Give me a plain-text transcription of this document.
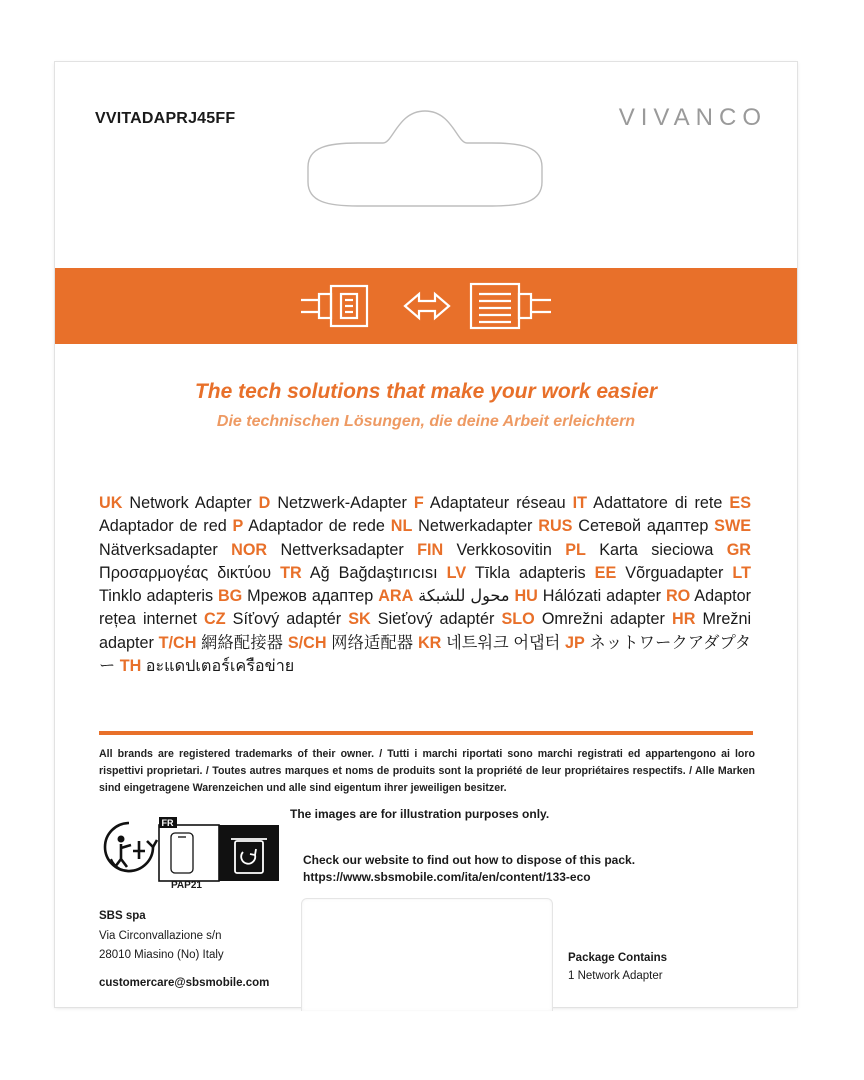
VVITADAPRJ45FF	VIVANCO
The tech solutions that make your work easier
Die technischen Lösungen, die deine Arbeit erleichtern
UK Network Adapter D Netzwerk-Adapter F Adaptateur réseau IT Adattatore di rete ES Adaptador de red P Adaptador de rede NL Netwerkadapter RUS Сетевой адаптер SWE Nätverksadapter NOR Nettverksadapter FIN Verkkosovitin PL Karta sieciowa GR Προσαρμογέας δικτύου TR Ağ Bağdaştırıcısı LV Tīkla adapteris EE Võrguadapter LT Tinklo adapteris BG Мрежов адаптер ARA محول للشبكة HU Hálózati adapter RO Adaptor rețea internet CZ Síťový adaptér SK Sieťový adaptér SLO Omrežni adapter HR Mrežni adapter T/CH 網絡配接器 S/CH 网络适配器 KR 네트워크 어댑터 JP ネットワークアダプター TH อะแดปเตอร์เครือข่าย
All brands are registered trademarks of their owner. / Tutti i marchi riportati sono marchi registrati ed appartengono ai loro rispettivi proprietari. / Toutes autres marques et noms de produits sont la propriété de leur propriétaires respectifs. / Alle Marken sind eingetragene Warenzeichen und alle sind eigentum ihrer jeweiligen besitzer.
The images are for illustration purposes only.
FR
PAP21
Check our website to find out how to dispose of this pack.
https://www.sbsmobile.com/ita/en/content/133-eco
SBS spa
Via Circonvallazione s/n
28010 Miasino (No) Italy
customercare@sbsmobile.com
Package Contains
1 Network Adapter
